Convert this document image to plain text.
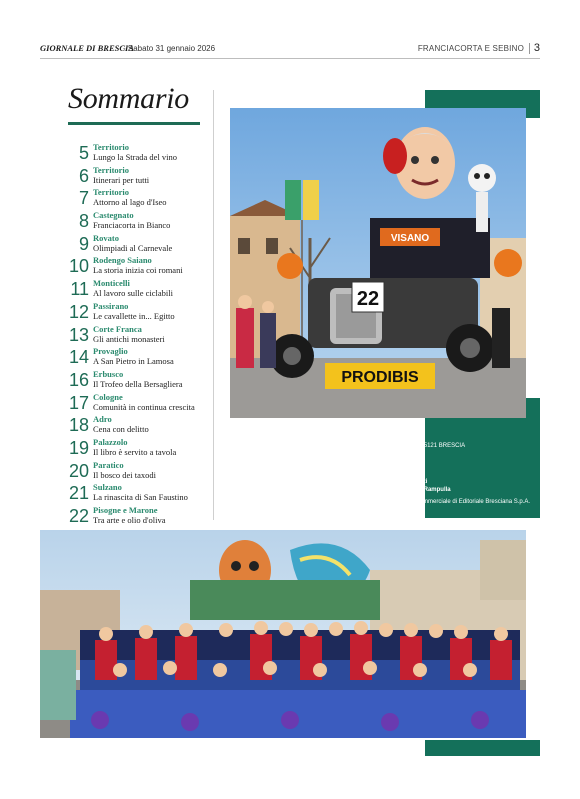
GIORNALE DI BRESCIA
- Sabato 31 gennaio 2026	FRANCIACORTA E SEBINO 3
Sommario
5 Territorio
Lungo la Strada del vino
6 Territorio
Itinerari per tutti
7 Territorio
Attorno al lago d'Iseo
8 Castegnato
Franciacorta in Bianco
9 Rovato
Olimpiadi al Carnevale
10 Rodengo Saiano
La storia inizia coi romani
11 Monticelli
Al lavoro sulle ciclabili
12 Passirano
Le cavallette in... Egitto
13 Corte Franca
Gli antichi monasteri
14 Provaglio
A San Pietro in Lamosa
16 Erbusco
Il Trofeo della Bersagliera
17 Cologne
Comunità in continua crescita
18 Adro
Cena con delitto
19 Palazzolo
Il libro è servito a tavola
20 Paratico
Il bosco dei taxodi
21 Sulzano
La rinascita di San Faustino
22 Pisogne e Marone
Tra arte e olio d'oliva
VISANO
22
PRODIBIS

Supplemento al n. 30 del 31 gennaio 2026

Editoriale Bresciana Spa via Solferino, 22 - 25121 BRESCIA

Reg. Trib. Brescia n. 07/1948 del 30/11/1948

Direttore responsabile: Nunzia Vallini

Vice direttore: Giorgio Bardaglio

Caporedattori: Gianluca Gallinari, Carlo Muzzi

Vicecaporedattori: Andrea Cittadini, Rosario Rampulla

In collaborazione con NUMERICA divisione commerciale di Editoriale Bresciana S.p.A.
